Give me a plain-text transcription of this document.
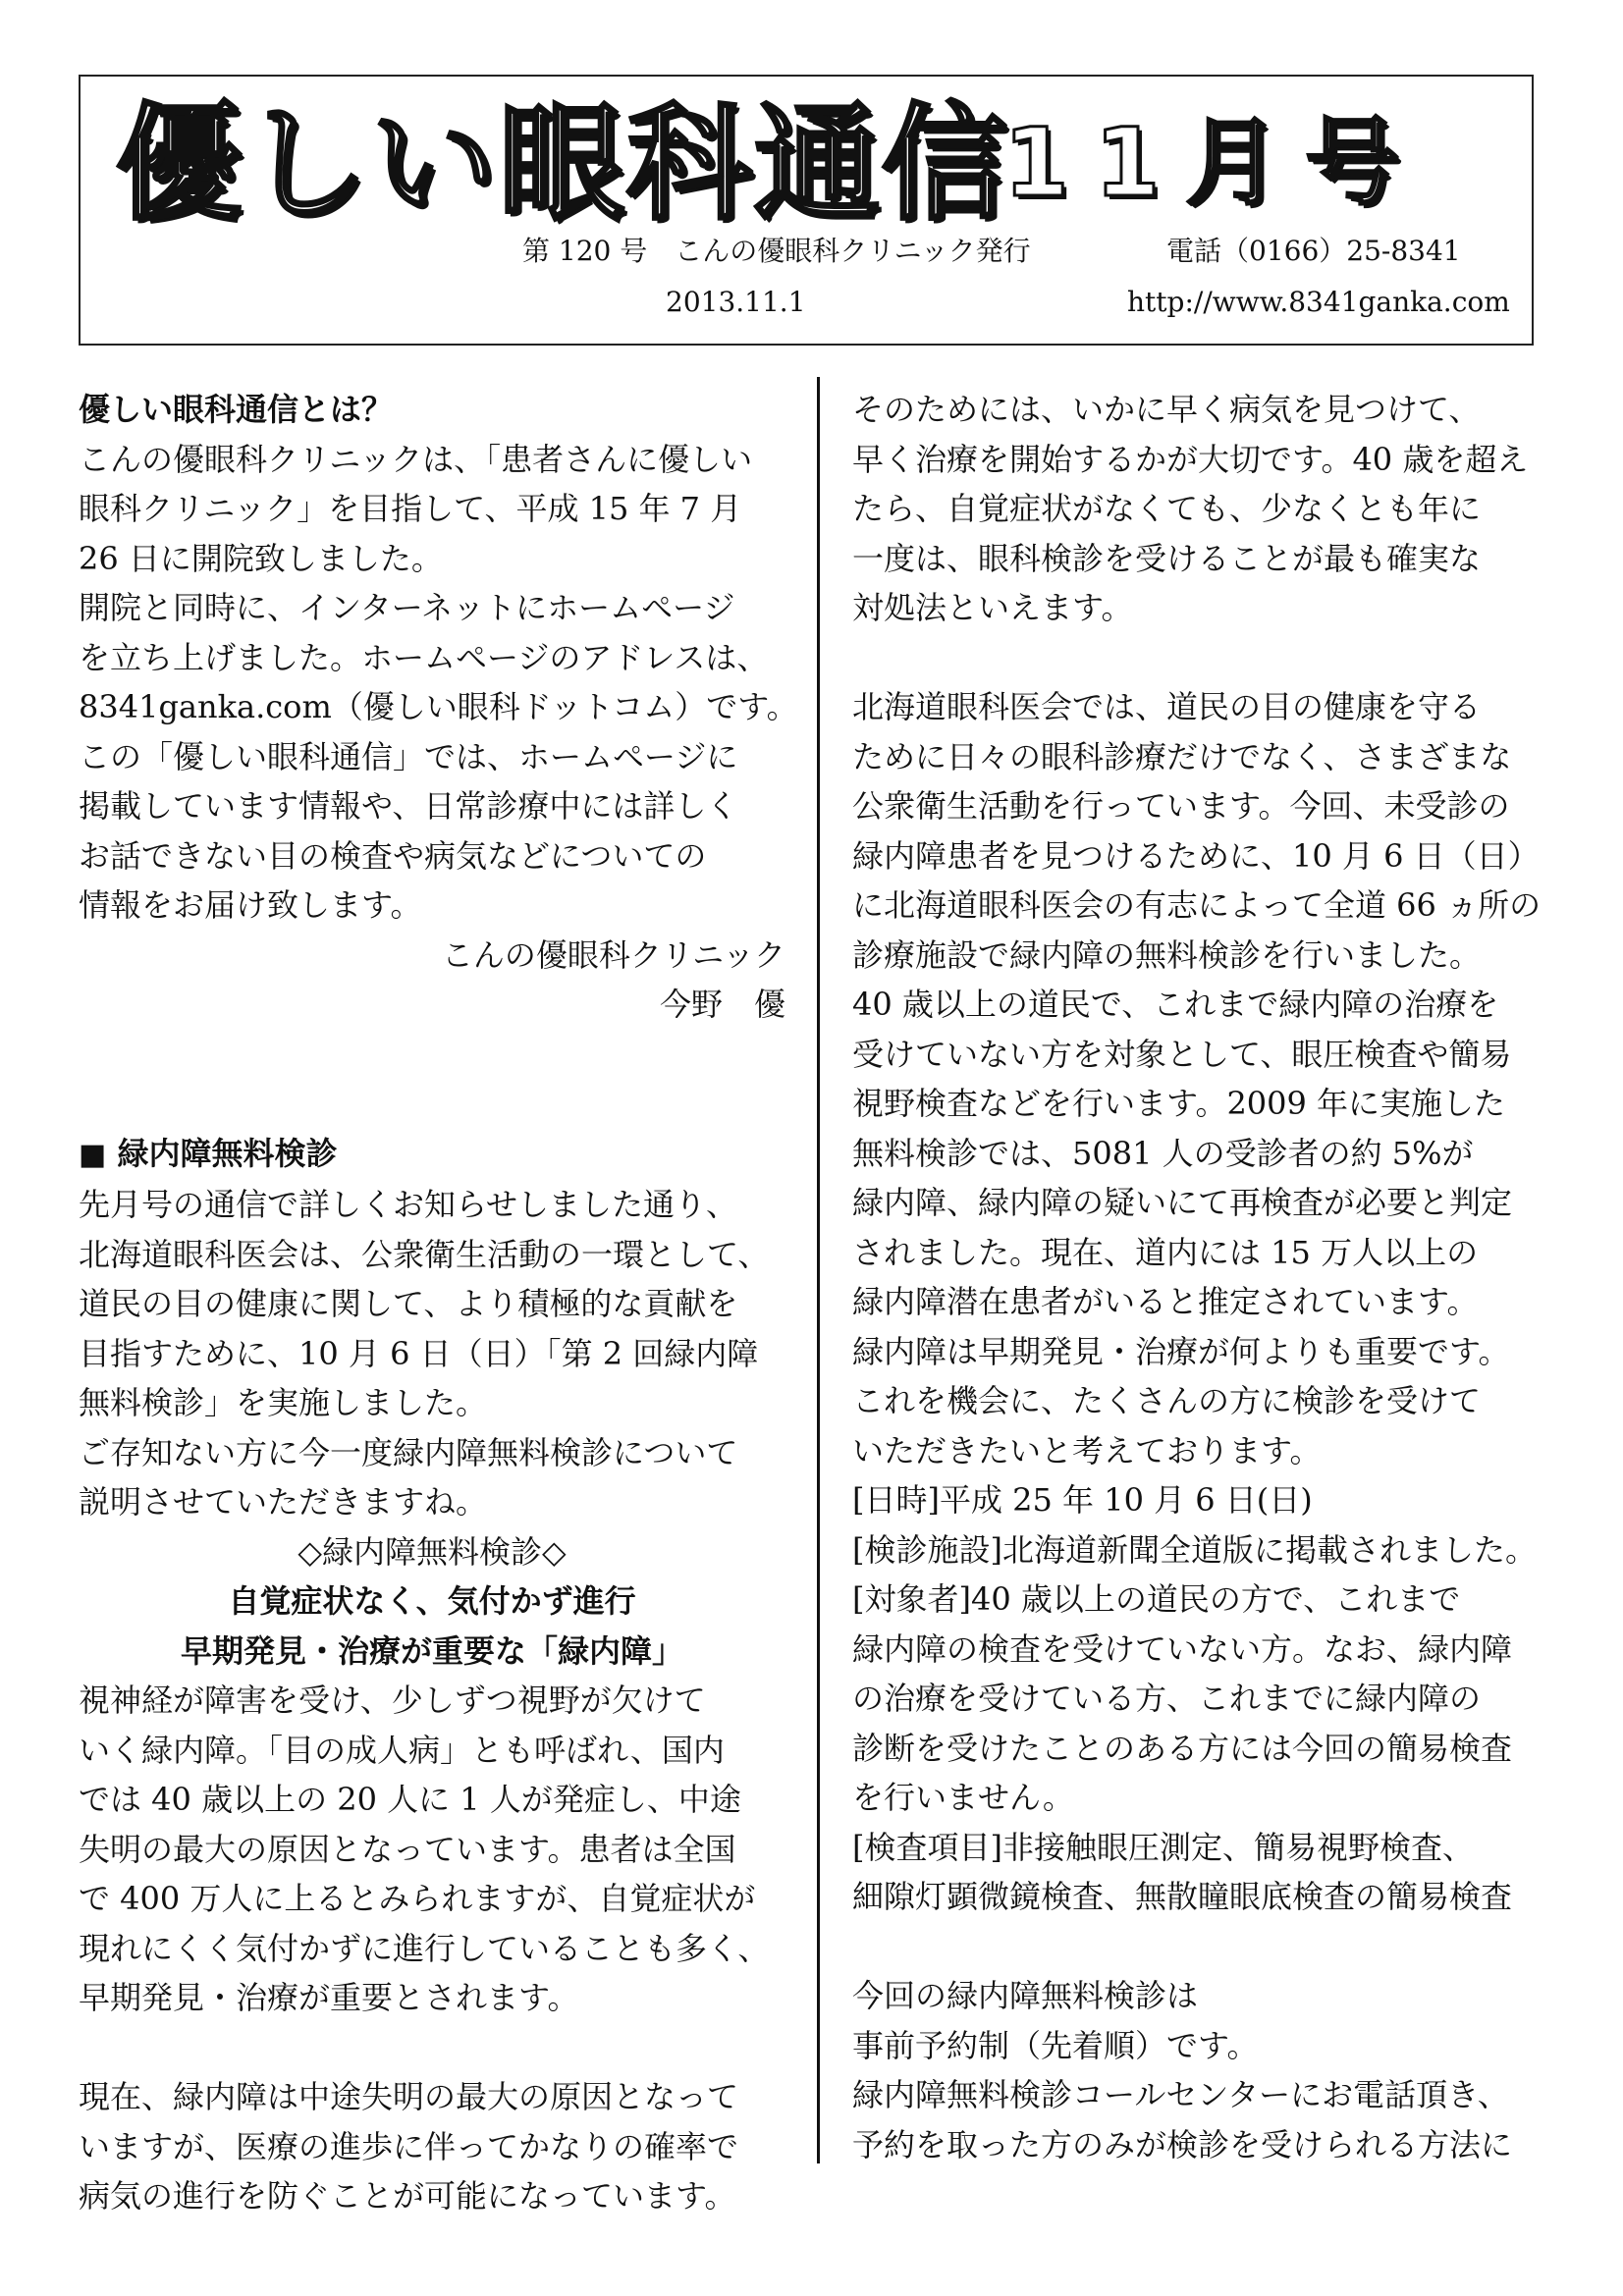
優しい眼科通信
11月号
第 120 号　こんの優眼科クリニック発行	電話（0166）25-8341
2013.11.1	http://www.8341ganka.com

優しい眼科通信とは？

こんの優眼科クリニックは、「患者さんに優しい
眼科クリニック」を目指して、平成 15 年 7 月
26 日に開院致しました。
開院と同時に、インターネットにホームページ
を立ち上げました。ホームページのアドレスは、
8341ganka.com（優しい眼科ドットコム）です。
この「優しい眼科通信」では、ホームページに
掲載しています情報や、日常診療中には詳しく
お話できない目の検査や病気などについての
情報をお届け致します。

こんの優眼科クリニック

今野　優

■ 緑内障無料検診

先月号の通信で詳しくお知らせしました通り、
北海道眼科医会は、公衆衛生活動の一環として、
道民の目の健康に関して、より積極的な貢献を
目指すために、10 月 6 日（日）「第 2 回緑内障
無料検診」を実施しました。
ご存知ない方に今一度緑内障無料検診について
説明させていただきますね。

◇緑内障無料検診◇

自覚症状なく、気付かず進行

早期発見・治療が重要な「緑内障」

視神経が障害を受け、少しずつ視野が欠けて
いく緑内障。「目の成人病」とも呼ばれ、国内
では 40 歳以上の 20 人に 1 人が発症し、中途
失明の最大の原因となっています。患者は全国
で 400 万人に上るとみられますが、自覚症状が
現れにくく気付かずに進行していることも多く、
早期発見・治療が重要とされます。

現在、緑内障は中途失明の最大の原因となって
いますが、医療の進歩に伴ってかなりの確率で
病気の進行を防ぐことが可能になっています。

そのためには、いかに早く病気を見つけて、
早く治療を開始するかが大切です。40 歳を超え
たら、自覚症状がなくても、少なくとも年に
一度は、眼科検診を受けることが最も確実な
対処法といえます。

北海道眼科医会では、道民の目の健康を守る
ために日々の眼科診療だけでなく、さまざまな
公衆衛生活動を行っています。今回、未受診の
緑内障患者を見つけるために、10 月 6 日（日）
に北海道眼科医会の有志によって全道 66 ヵ所の
診療施設で緑内障の無料検診を行いました。
40 歳以上の道民で、これまで緑内障の治療を
受けていない方を対象として、眼圧検査や簡易
視野検査などを行います。2009 年に実施した
無料検診では、5081 人の受診者の約 5%が
緑内障、緑内障の疑いにて再検査が必要と判定
されました。現在、道内には 15 万人以上の
緑内障潜在患者がいると推定されています。
緑内障は早期発見・治療が何よりも重要です。
これを機会に、たくさんの方に検診を受けて
いただきたいと考えております。
[日時]平成 25 年 10 月 6 日(日)
[検診施設]北海道新聞全道版に掲載されました。
[対象者]40 歳以上の道民の方で、これまで
緑内障の検査を受けていない方。なお、緑内障
の治療を受けている方、これまでに緑内障の
診断を受けたことのある方には今回の簡易検査
を行いません。
[検査項目]非接触眼圧測定、簡易視野検査、
細隙灯顕微鏡検査、無散瞳眼底検査の簡易検査

今回の緑内障無料検診は
事前予約制（先着順）です。
緑内障無料検診コールセンターにお電話頂き、
予約を取った方のみが検診を受けられる方法に
